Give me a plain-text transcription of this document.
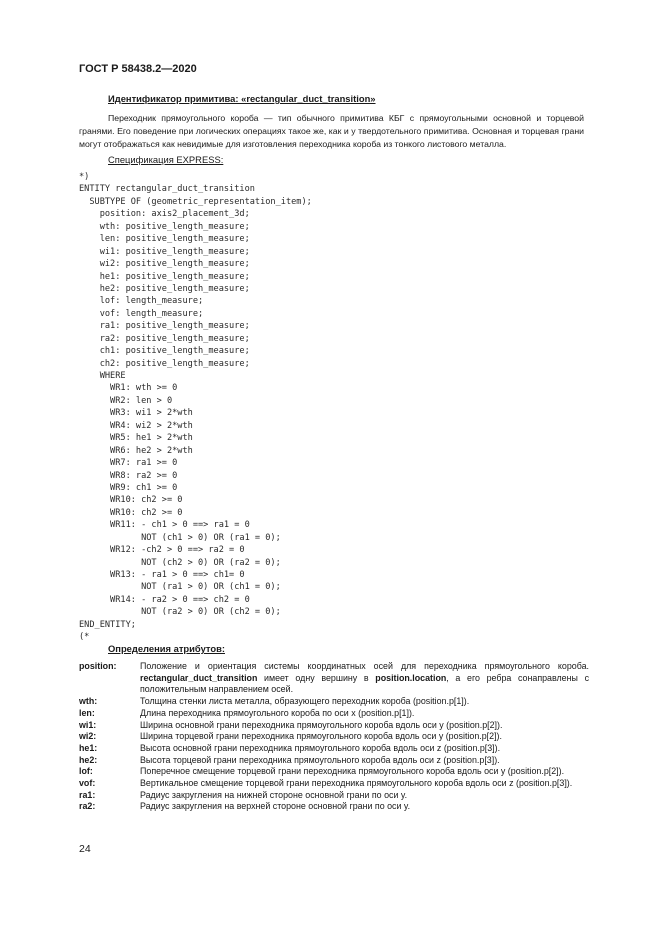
ГОСТ Р 58438.2—2020
Идентификатор примитива: «rectangular_duct_transition»

Переходник прямоугольного короба — тип обычного примитива КБГ с прямоугольными основной и торцевой гранями. Его поведение при логических операциях такое же, как и у твердотельного примитива. Основная и торцевая грани могут отображаться как невидимые для изготовления переходника короба из тонкого листового металла.

Спецификация EXPRESS:
*)
ENTITY rectangular_duct_transition
SUBTYPE OF (geometric_representation_item);
position: axis2_placement_3d;
wth: positive_length_measure;
len: positive_length_measure;
wi1: positive_length_measure;
wi2: positive_length_measure;
he1: positive_length_measure;
he2: positive_length_measure;
lof: length_measure;
vof: length_measure;
ra1: positive_length_measure;
ra2: positive_length_measure;
ch1: positive_length_measure;
ch2: positive_length_measure;
WHERE
WR1: wth >= 0
WR2: len > 0
WR3: wi1 > 2*wth
WR4: wi2 > 2*wth
WR5: he1 > 2*wth
WR6: he2 > 2*wth
WR7: ra1 >= 0
WR8: ra2 >= 0
WR9: ch1 >= 0
WR10: ch2 >= 0
WR10: ch2 >= 0
WR11: - ch1 > 0 ==> ra1 = 0
NOT (ch1 > 0) OR (ra1 = 0);
WR12: -ch2 > 0 ==> ra2 = 0
NOT (ch2 > 0) OR (ra2 = 0);
WR13: - ra1 > 0 ==> ch1= 0
NOT (ra1 > 0) OR (ch1 = 0);
WR14: - ra2 > 0 ==> ch2 = 0
NOT (ra2 > 0) OR (ch2 = 0);
END_ENTITY;
(*
Определения атрибутов:
position:	Положение и ориентация системы координатных осей для переходника прямоугольного короба. rectangular_duct_transition имеет одну вершину в position.location, а его ребра сонаправлены с положительным направлением осей.
wth:	Толщина стенки листа металла, образующего переходник короба (position.p[1]).
len:	Длина переходника прямоугольного короба по оси x (position.p[1]).
wi1:	Ширина основной грани переходника прямоугольного короба вдоль оси y (position.p[2]).
wi2:	Ширина торцевой грани переходника прямоугольного короба вдоль оси y (position.p[2]).
he1:	Высота основной грани переходника прямоугольного короба вдоль оси z (position.p[3]).
he2:	Высота торцевой грани переходника прямоугольного короба вдоль оси z (position.p[3]).
lof:	Поперечное смещение торцевой грани переходника прямоугольного короба вдоль оси y (position.p[2]).
vof:	Вертикальное смещение торцевой грани переходника прямоугольного короба вдоль оси z (position.p[3]).
ra1:	Радиус закругления на нижней стороне основной грани по оси y.
ra2:	Радиус закругления на верхней стороне основной грани по оси y.
24
